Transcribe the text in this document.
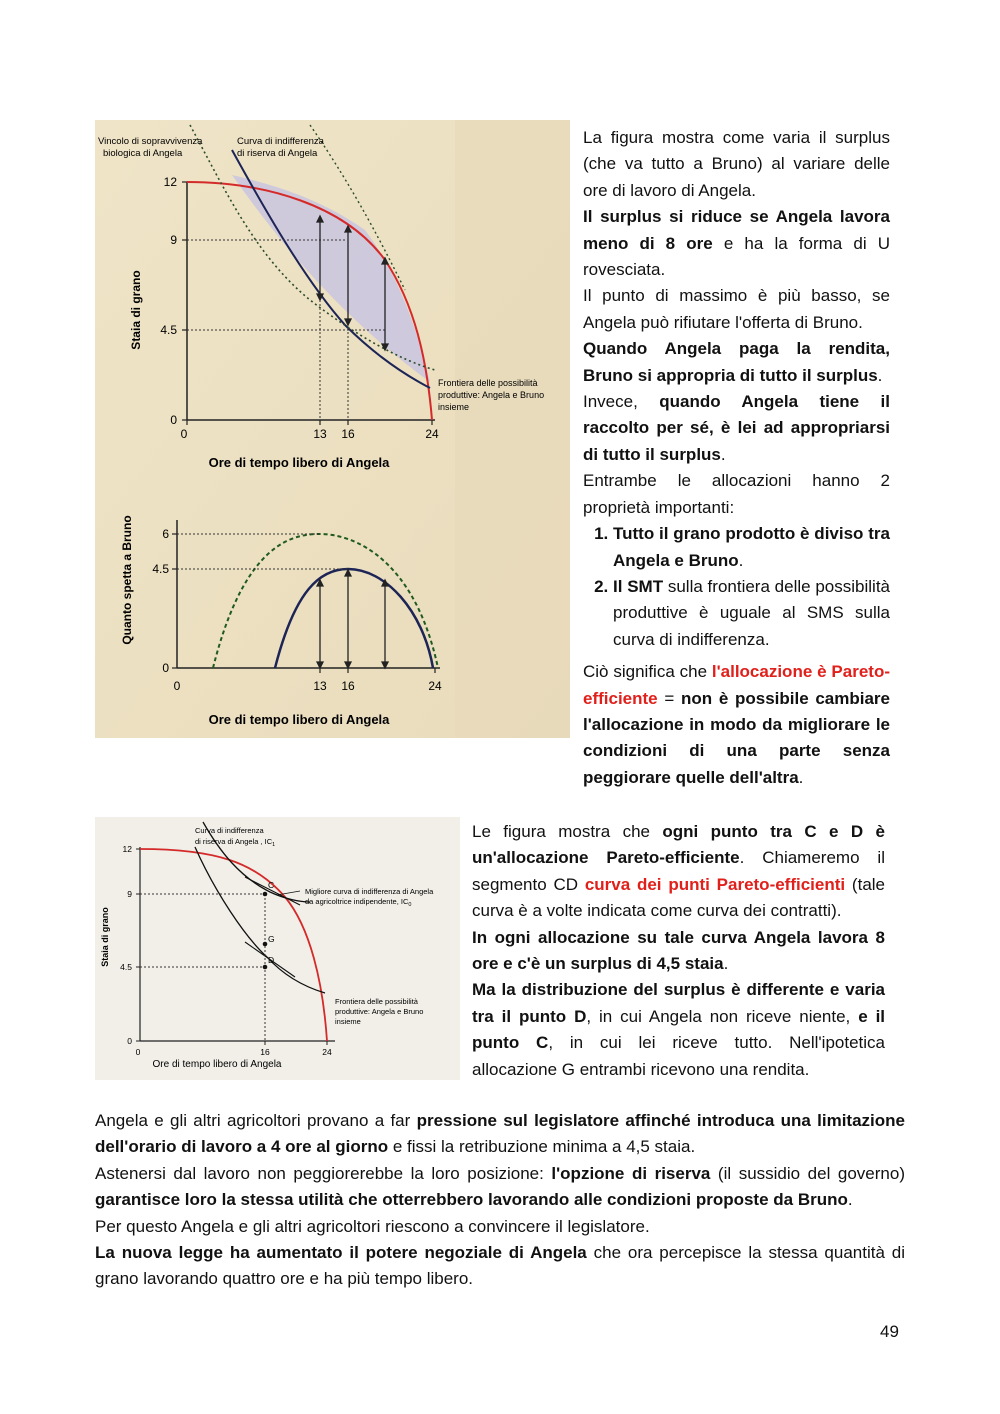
12
9
4.5
0
0	13 16	24
Staia di grano
Ore di tempo libero di Angela
Vincolo di sopravvivenza
biologica di Angela
Curva di indifferenza
di riserva di Angela
Frontiera delle possibilità
produttive: Angela e Bruno
insieme
6
4.5
0
0	13 16	24
Quanto spetta a Bruno
Ore di tempo libero di Angela

La figura mostra come varia il surplus (che va tutto a Bruno) al variare delle ore di lavoro di Angela.

Il surplus si riduce se Angela lavora meno di 8 ore e ha la forma di U rovesciata.

Il punto di massimo è più basso, se Angela può rifiutare l'offerta di Bruno.

Quando Angela paga la rendita, Bruno si appropria di tutto il surplus.

Invece, quando Angela tiene il raccolto per sé, è lei ad appropriarsi di tutto il surplus.

Entrambe le allocazioni hanno 2 proprietà importanti:

1. Tutto il grano prodotto è diviso tra Angela e Bruno.
2. Il SMT sulla frontiera delle possibilità produttive è uguale al SMS sulla curva di indifferenza.

Ciò significa che l'allocazione è Pareto-efficiente = non è possibile cambiare l'allocazione in modo da migliorare le condizioni di una parte senza peggiorare quelle dell'altra.

C
G
D
12
9
4.5
0
0	16	24
Staia di grano
Ore di tempo libero di Angela
Curva di indifferenza
di riserva di Angela , $IC_1$
Migliore curva di indifferenza di Angela
da agricoltrice indipendente, $IC_0$
Frontiera delle possibilità
produttive: Angela e Bruno
insieme

Le figura mostra che ogni punto tra C e D è un'allocazione Pareto-efficiente. Chiameremo il segmento CD curva dei punti Pareto-efficienti (tale curva è a volte indicata come curva dei contratti).

In ogni allocazione su tale curva Angela lavora 8 ore e c'è un surplus di 4,5 staia.

Ma la distribuzione del surplus è differente e varia tra il punto D, in cui Angela non riceve niente, e il punto C, in cui lei riceve tutto. Nell'ipotetica allocazione G entrambi ricevono una rendita.

Angela e gli altri agricoltori provano a far pressione sul legislatore affinché introduca una limitazione dell'orario di lavoro a 4 ore al giorno e fissi la retribuzione minima a 4,5 staia.

Astenersi dal lavoro non peggiorerebbe la loro posizione: l'opzione di riserva (il sussidio del governo) garantisce loro la stessa utilità che otterrebbero lavorando alle condizioni proposte da Bruno.

Per questo Angela e gli altri agricoltori riescono a convincere il legislatore.

La nuova legge ha aumentato il potere negoziale di Angela che ora percepisce la stessa quantità di grano lavorando quattro ore e ha più tempo libero.

49
